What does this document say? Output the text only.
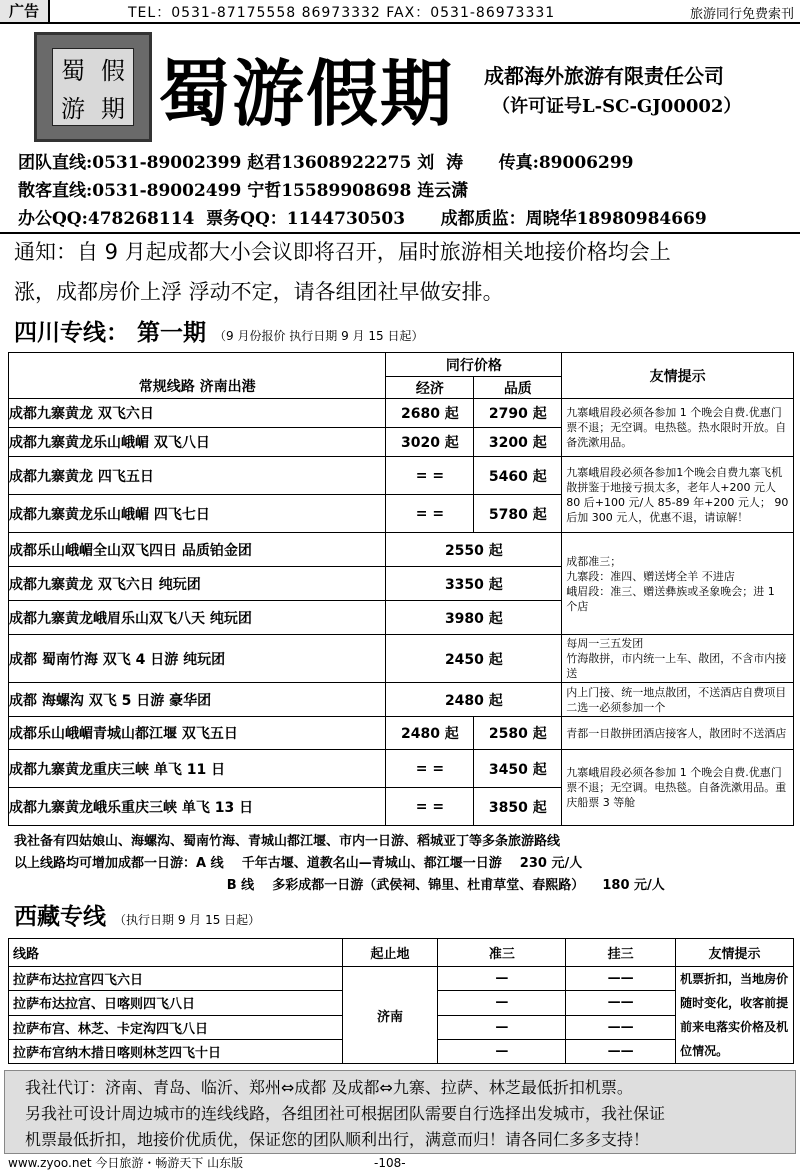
广告	TEL：0531-87175558 86973332 FAX：0531-86973331	旅游同行免费索刊
蜀 假
游 期 蜀游假期 成都海外旅游有限责任公司
（许可证号L-SC-GJ00002）
团队直线:0531-89002399 赵君13608922275 刘  涛      传真:89006299
散客直线:0531-89002499 宁哲15589908698 连云潇
办公QQ:478268114  票务QQ：1144730503      成都质监：周晓华18980984669
通知：自 9 月起成都大小会议即将召开，届时旅游相关地接价格均会上
涨，成都房价上浮 浮动不定，请各组团社早做安排。
四川专线： 第一期 （9 月份报价 执行日期 9 月 15 日起）
常规线路 济南出港	同行价格		友情提示
	经济	品质	
成都九寨黄龙 双飞六日	2680 起	2790 起	九寨峨眉段必须各参加 1 个晚会自费.优惠门票不退；无空调。电热毯。热水限时开放。自备洗漱用品。
成都九寨黄龙乐山峨嵋 双飞八日	3020 起	3200 起	
成都九寨黄龙 四飞五日	= =	5460 起	九寨峨眉段必须各参加1个晚会自费九寨飞机散拼鉴于地接亏损太多，老年人+200 元人 80 后+100 元/人 85-89 年+200 元人； 90 后加 300 元人，优惠不退，请谅解！
成都九寨黄龙乐山峨嵋 四飞七日	= =	5780 起	
成都乐山峨嵋全山双飞四日 品质铂金团	2550 起		成都准三；
九寨段：准四、赠送烤全羊 不进店
峨眉段：准三、赠送彝族或圣象晚会；进 1 个店
成都九寨黄龙 双飞六日 纯玩团	3350 起		
成都九寨黄龙峨眉乐山双飞八天 纯玩团	3980 起		
成都 蜀南竹海 双飞 4 日游 纯玩团	2450 起		每周一三五发团
竹海散拼，市内统一上车、散团，不含市内接送
成都 海螺沟 双飞 5 日游 豪华团	2480 起		内上门接、统一地点散团，不送酒店自费项目二选一必须参加一个
成都乐山峨嵋青城山都江堰 双飞五日	2480 起	2580 起	青都一日散拼团酒店接客人，散团时不送酒店
成都九寨黄龙重庆三峡 单飞 11 日	= =	3450 起	九寨峨眉段必须各参加 1 个晚会自费.优惠门票不退；无空调。电热毯。自备洗漱用品。重庆船票 3 等舱
成都九寨黄龙峨乐重庆三峡 单飞 13 日	= =	3850 起	
我社备有四姑娘山、海螺沟、蜀南竹海、青城山都江堰、市内一日游、稻城亚丁等多条旅游路线
以上线路均可增加成都一日游：A 线    千年古堰、道教名山—青城山、都江堰一日游    230 元/人
B 线    多彩成都一日游（武侯祠、锦里、杜甫草堂、春熙路）    180 元/人
西藏专线 （执行日期 9 月 15 日起）
线路	起止地	准三	挂三	友情提示
拉萨布达拉宫四飞六日	济南	—	——	机票折扣，当地房价随时变化，收客前提前来电落实价格及机位情况。
拉萨布达拉宫、日喀则四飞八日		—	——	
拉萨布宫、林芝、卡定沟四飞八日		—	——	
拉萨布宫纳木措日喀则林芝四飞十日		—	——	
我社代订：济南、青岛、临沂、郑州⇔成都 及成都⇔九寨、拉萨、林芝最低折扣机票。
另我社可设计周边城市的连线线路，各组团社可根据团队需要自行选择出发城市，我社保证
机票最低折扣，地接价优质优，保证您的团队顺利出行，满意而归！请各同仁多多支持！
www.zyoo.net 今日旅游・畅游天下 山东版	-108-
